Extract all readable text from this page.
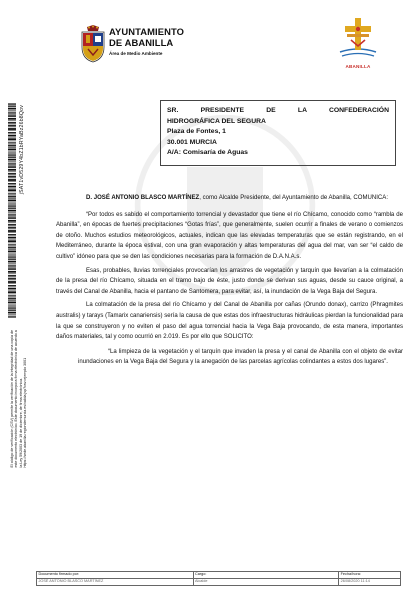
jSAT1vD529Y4bZ1bRYaBz26b8Qov
El código de verificación (CSV) permite la verificación de la integridad de una copia de este documento electrónico. Este documento incorpora firma electrónica de acuerdo a la Ley 59/2003 de 19 de diciembre, de firma electrónica. https://sede.abanilla.regiondemurcia.es/valida.jsp?csv=ejemplo 3001
AYUNTAMIENTO
DE ABANILLA
Área de Medio Ambiente
ABANILLA
SR. PRESIDENTE DE LA CONFEDERACIÓN
HIDROGRÁFICA DEL SEGURA
Plaza de Fontes, 1
30.001 MURCIA
A/A: Comisaría de Aguas

D. JOSÉ ANTONIO BLASCO MARTÍNEZ, como Alcalde Presidente, del Ayuntamiento de Abanilla, COMUNICA:

“Por todos es sabido el comportamiento torrencial y devastador que tiene el río Chícamo, conocido como “rambla de Abanilla”, en épocas de fuertes precipitaciones “Gotas frías”, que generalmente, suelen ocurrir a finales de verano o comienzos de otoño. Muchos estudios meteorológicos, actuales, indican que las elevadas temperaturas que se están registrando, en el Mediterráneo, durante la época estival, con una gran evaporación y altas temperaturas del agua del mar, van ser “el caldo de cultivo” idóneo para que se den las condiciones necesarias para la formación de D.A.N.A.s.

Esas, probables, lluvias torrenciales provocarían los arrastres de vegetación y tarquín que llevarían a la colmatación de la presa del río Chícamo, situada en el tramo bajo de éste, justo donde se derivan sus aguas, desde su cauce original, a través del Canal de Abanilla, hacia el pantano de Santomera, para evitar, así, la inundación de la Vega Baja del Segura.

La colmatación de la presa del río Chícamo y del Canal de Abanilla por cañas (Orundo donax), carrizo (Phragmites australis) y tarays (Tamarix canariensis) sería la causa de que estas dos infraestructuras hidráulicas pierdan la funcionalidad para la que se construyeron y no eviten el paso del agua torrencial hacia la Vega Baja provocando, de esta manera, importantes daños materiales, tal y como ocurrió en 2.019. Es por ello que SOLICITO:

“La limpieza de la vegetación y el tarquín que invaden la presa y el canal de Abanilla con el objeto de evitar inundaciones en la Vega Baja del Segura y la anegación de las parcelas agrícolas colindantes a estos dos lugares”.

Documento firmado por:	Cargo:	Fecha/hora:
JOSÉ ANTONIO BLASCO MARTÍNEZ	Alcalde	26/08/2020 11:14
